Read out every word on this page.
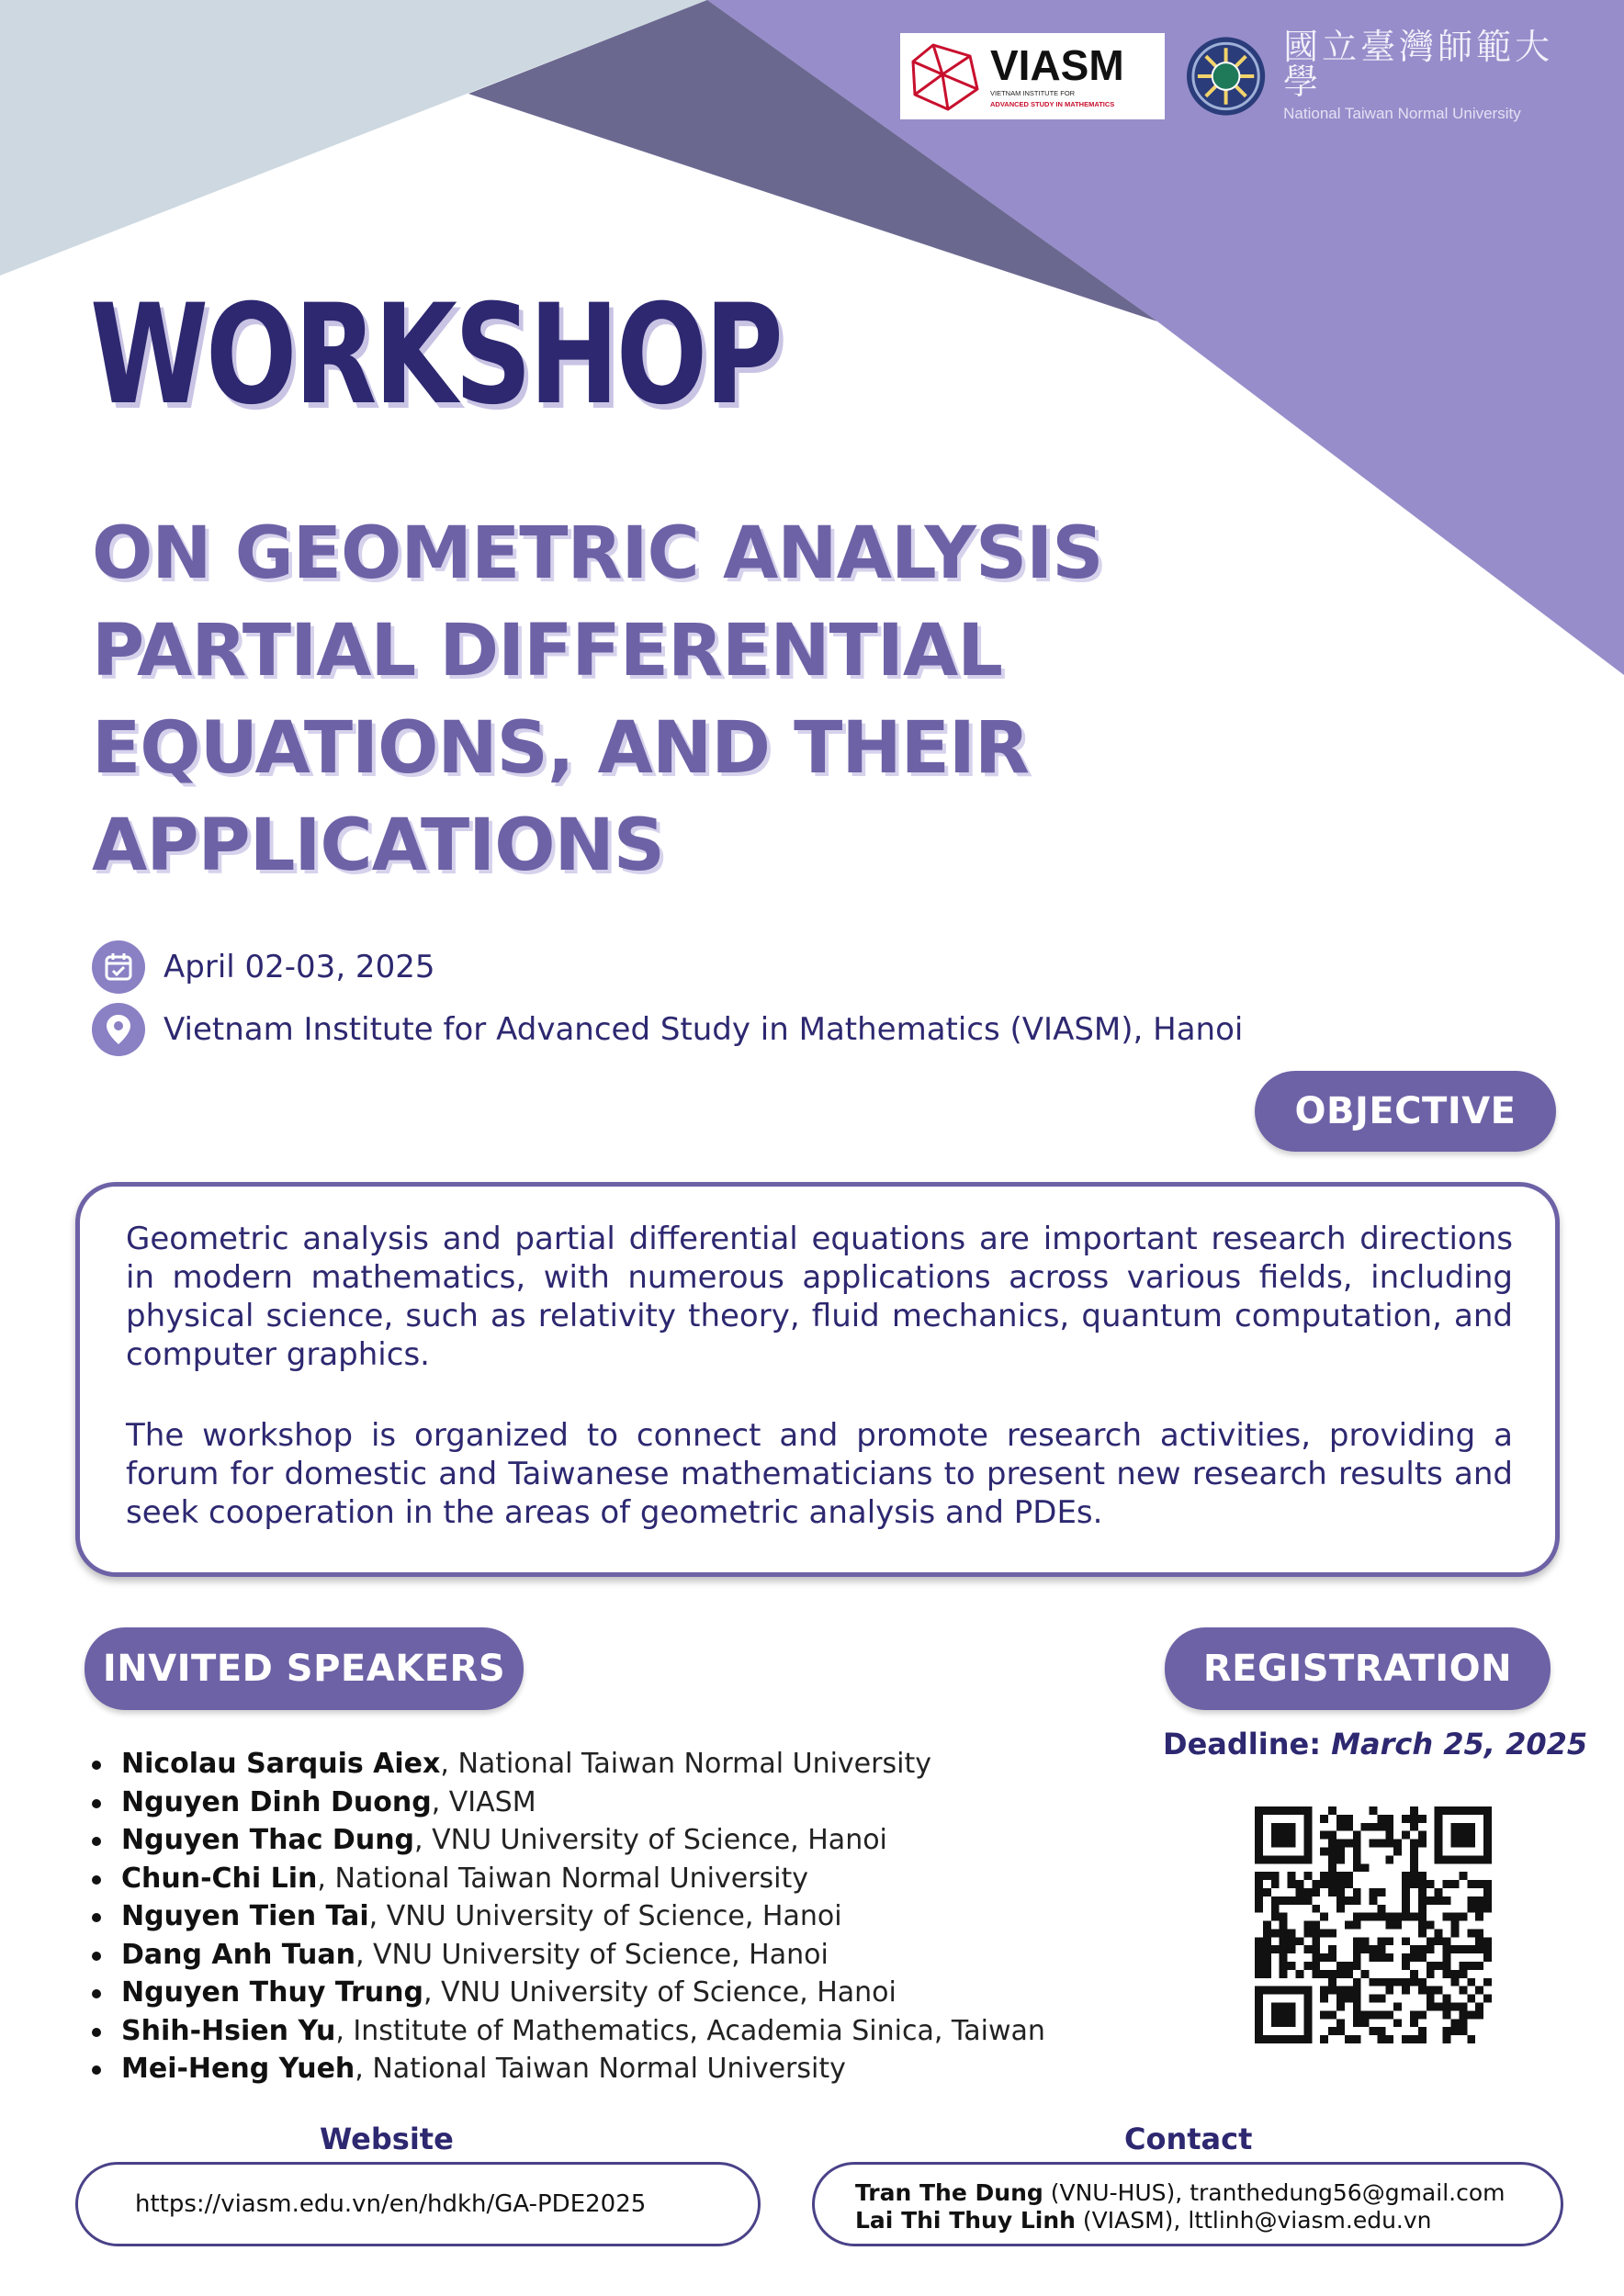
VIASM
VIETNAM INSTITUTE FOR
ADVANCED STUDY IN MATHEMATICS
國立臺灣師範大學
National Taiwan Normal University
WORKSHOP
ON GEOMETRIC ANALYSIS
PARTIAL DIFFERENTIAL
EQUATIONS, AND THEIR
APPLICATIONS
April 02-03, 2025
Vietnam Institute for Advanced Study in Mathematics (VIASM), Hanoi
OBJECTIVE
Geometric analysis and partial differential equations are important research directions in modern mathematics, with numerous applications across various fields, including physical science, such as relativity theory, fluid mechanics, quantum computation, and computer graphics.
The workshop is organized to connect and promote research activities, providing a forum for domestic and Taiwanese mathematicians to present new research results and seek cooperation in the areas of geometric analysis and PDEs.
INVITED SPEAKERS
Nicolau Sarquis Aiex, National Taiwan Normal University
Nguyen Dinh Duong, VIASM
Nguyen Thac Dung, VNU University of Science, Hanoi
Chun-Chi Lin, National Taiwan Normal University
Nguyen Tien Tai, VNU University of Science, Hanoi
Dang Anh Tuan, VNU University of Science, Hanoi
Nguyen Thuy Trung, VNU University of Science, Hanoi
Shih-Hsien Yu, Institute of Mathematics, Academia Sinica, Taiwan
Mei-Heng Yueh, National Taiwan Normal University
REGISTRATION
Deadline: March 25, 2025
Website
https://viasm.edu.vn/en/hdkh/GA-PDE2025
Contact
Tran The Dung (VNU-HUS), tranthedung56@gmail.com
Lai Thi Thuy Linh (VIASM), lttlinh@viasm.edu.vn
